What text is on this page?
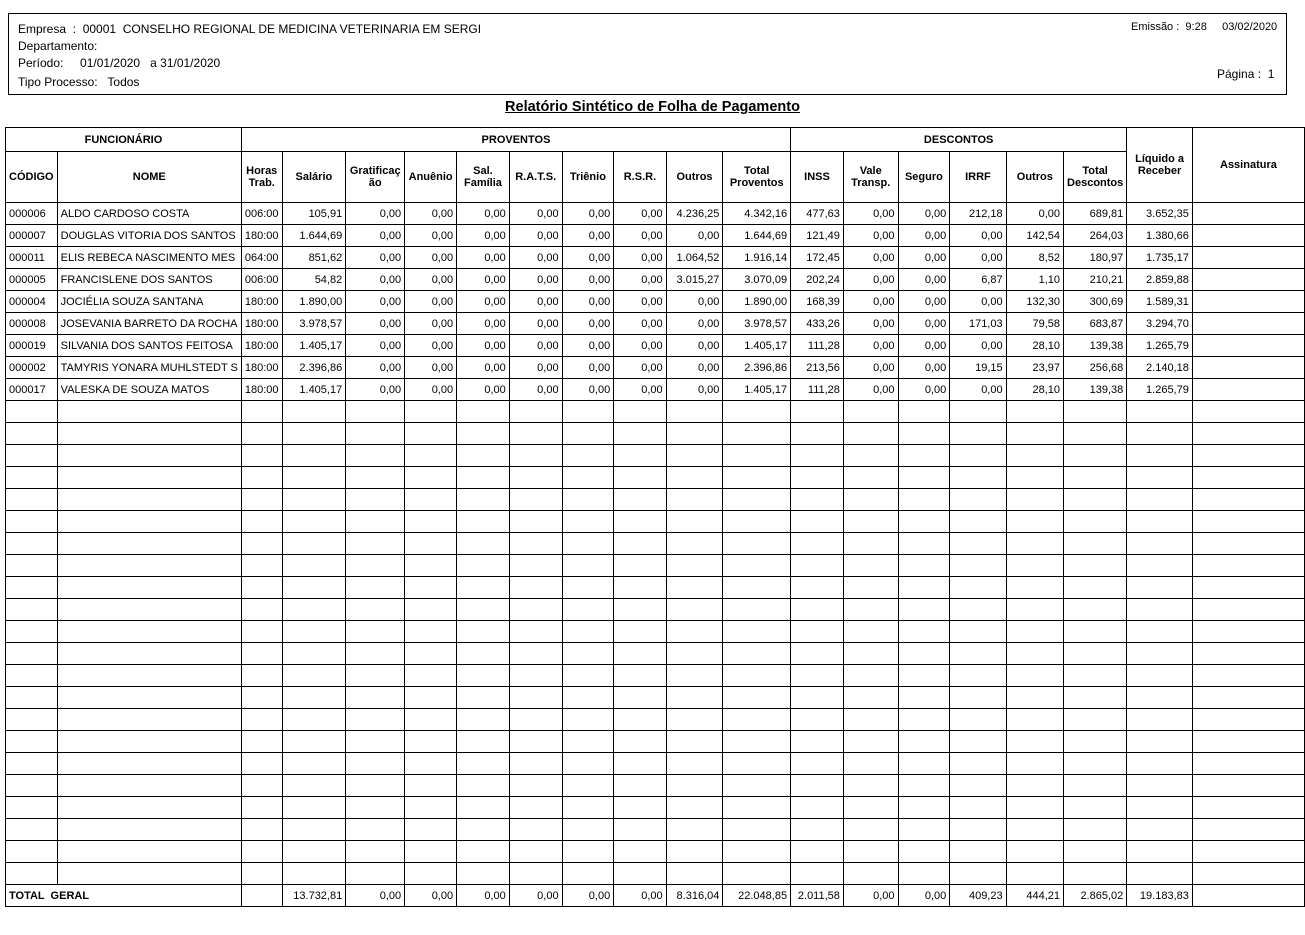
Empresa  : 00001 CONSELHO REGIONAL DE MEDICINA VETERINARIA EM SERGI
Departamento:
Período: 01/01/2020 a 31/01/2020
Tipo Processo: Todos
Emissão : 9:28 03/02/2020
Página : 1
Relatório Sintético de Folha de Pagamento
FUNCIONÁRIO		PROVENTOS										DESCONTOS						Líquido a Receber	Assinatura
CÓDIGO	NOME	Horas Trab.	Salário	Gratificaç ão	Anuênio	Sal. Família	R.A.T.S.	Triênio	R.S.R.	Outros	Total Proventos	INSS	Vale Transp.	Seguro	IRRF	Outros	Total Descontos		
000006	ALDO CARDOSO COSTA	006:00	105,91	0,00	0,00	0,00	0,00	0,00	0,00	4.236,25	4.342,16	477,63	0,00	0,00	212,18	0,00	689,81	3.652,35	
000007	DOUGLAS VITORIA DOS SANTOS	180:00	1.644,69	0,00	0,00	0,00	0,00	0,00	0,00	0,00	1.644,69	121,49	0,00	0,00	0,00	142,54	264,03	1.380,66	
000011	ELIS REBECA NASCIMENTO MES	064:00	851,62	0,00	0,00	0,00	0,00	0,00	0,00	1.064,52	1.916,14	172,45	0,00	0,00	0,00	8,52	180,97	1.735,17	
000005	FRANCISLENE DOS SANTOS	006:00	54,82	0,00	0,00	0,00	0,00	0,00	0,00	3.015,27	3.070,09	202,24	0,00	0,00	6,87	1,10	210,21	2.859,88	
000004	JOCIÉLIA SOUZA SANTANA	180:00	1.890,00	0,00	0,00	0,00	0,00	0,00	0,00	0,00	1.890,00	168,39	0,00	0,00	0,00	132,30	300,69	1.589,31	
000008	JOSEVANIA BARRETO DA ROCHA	180:00	3.978,57	0,00	0,00	0,00	0,00	0,00	0,00	0,00	3.978,57	433,26	0,00	0,00	171,03	79,58	683,87	3.294,70	
000019	SILVANIA DOS SANTOS FEITOSA	180:00	1.405,17	0,00	0,00	0,00	0,00	0,00	0,00	0,00	1.405,17	111,28	0,00	0,00	0,00	28,10	139,38	1.265,79	
000002	TAMYRIS YONARA MUHLSTEDT S	180:00	2.396,86	0,00	0,00	0,00	0,00	0,00	0,00	0,00	2.396,86	213,56	0,00	0,00	19,15	23,97	256,68	2.140,18	
000017	VALESKA DE SOUZA MATOS	180:00	1.405,17	0,00	0,00	0,00	0,00	0,00	0,00	0,00	1.405,17	111,28	0,00	0,00	0,00	28,10	139,38	1.265,79	

TOTAL  GERAL			13.732,81	0,00	0,00	0,00	0,00	0,00	0,00	8.316,04	22.048,85	2.011,58	0,00	0,00	409,23	444,21	2.865,02	19.183,83	
